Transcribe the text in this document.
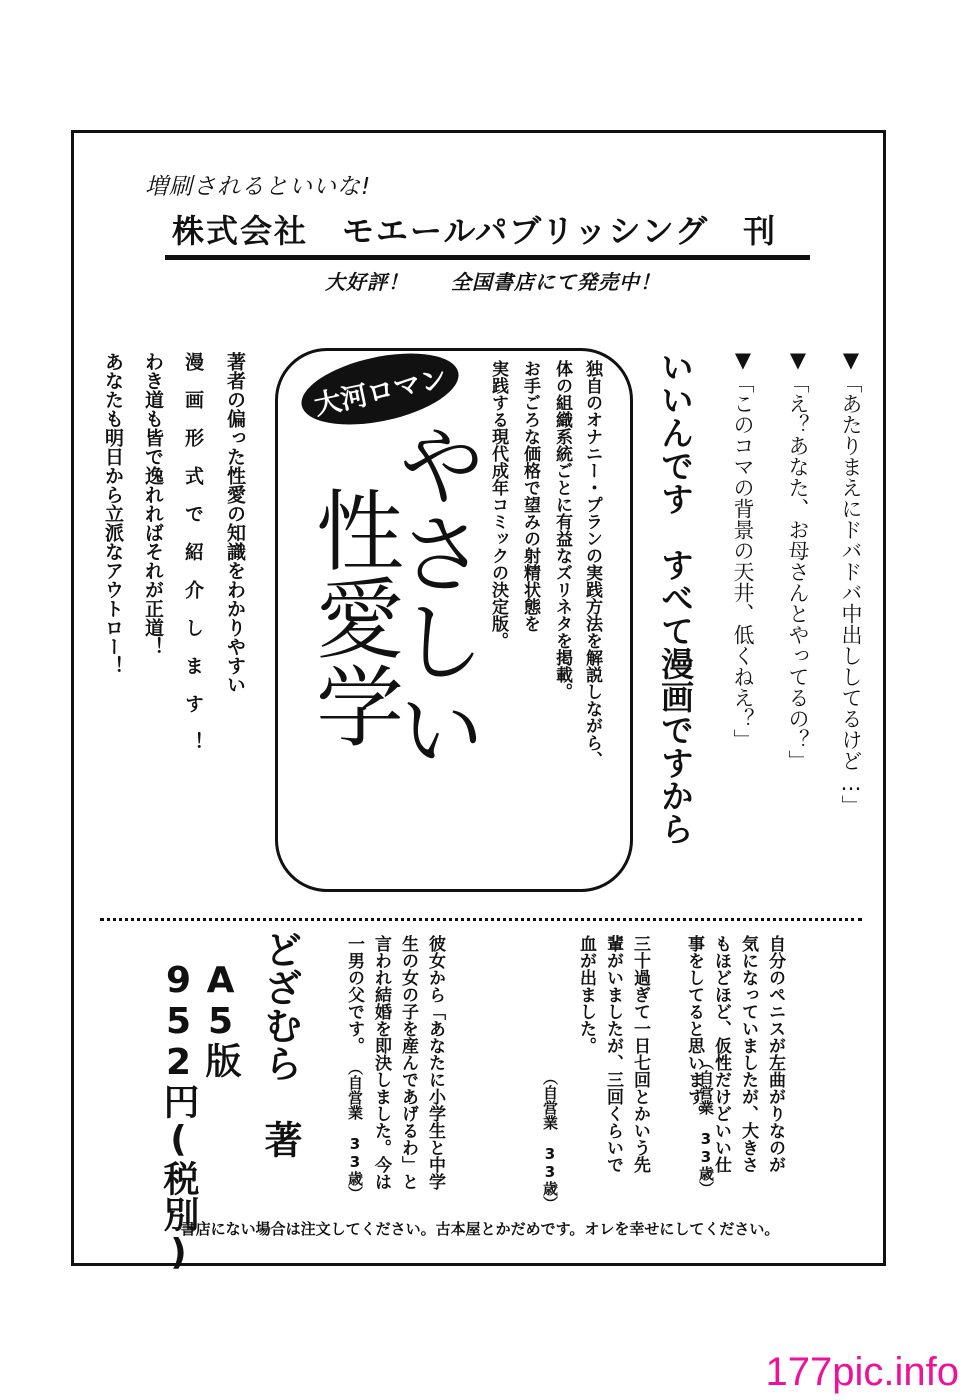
増刷されるといいな!
株式会社　モエールパブリッシング　刊
大好評！　　全国書店にて発売中！
▼「あたりまえにドバドバ中出ししてるけど…」
▼「え？あなた、お母さんとやってるの？」
▼「このコマの背景の天井、低くねえ？」
いいんです　すべて漫画ですから
大河ロマン
やさしい
性愛学	独自のオナニー・プランの実践方法を解説しながら、
体の組織系統ごとに有益なズリネタを掲載。
お手ごろな価格で望みの射精状態を
実践する現代成年コミックの決定版。
著者の偏った性愛の知識をわかりやすい
漫　画　形　式　で　紹　介　し　ま　す　！
わき道も皆で逸れればそれが正道！
あなたも明日から立派なアウトロー！
自分のペニスが左曲がりなのが気になっていましたが、大きさもほどほど、仮性だけどいい仕事をしてると思います。
（自営業　33歳）
三十過ぎて一日七回とかいう先輩がいましたが、三回くらいで血が出ました。
（自営業　33歳）
彼女から「あなたに小学生と中学生の女の子を産んであげるわ」と言われ結婚を即決しました。今は一男の父です。
（自営業　33歳）
どざむら　著
A5版
952円(税別)
書店にない場合は注文してください。古本屋とかだめです。オレを幸せにしてください。
177pic.info
